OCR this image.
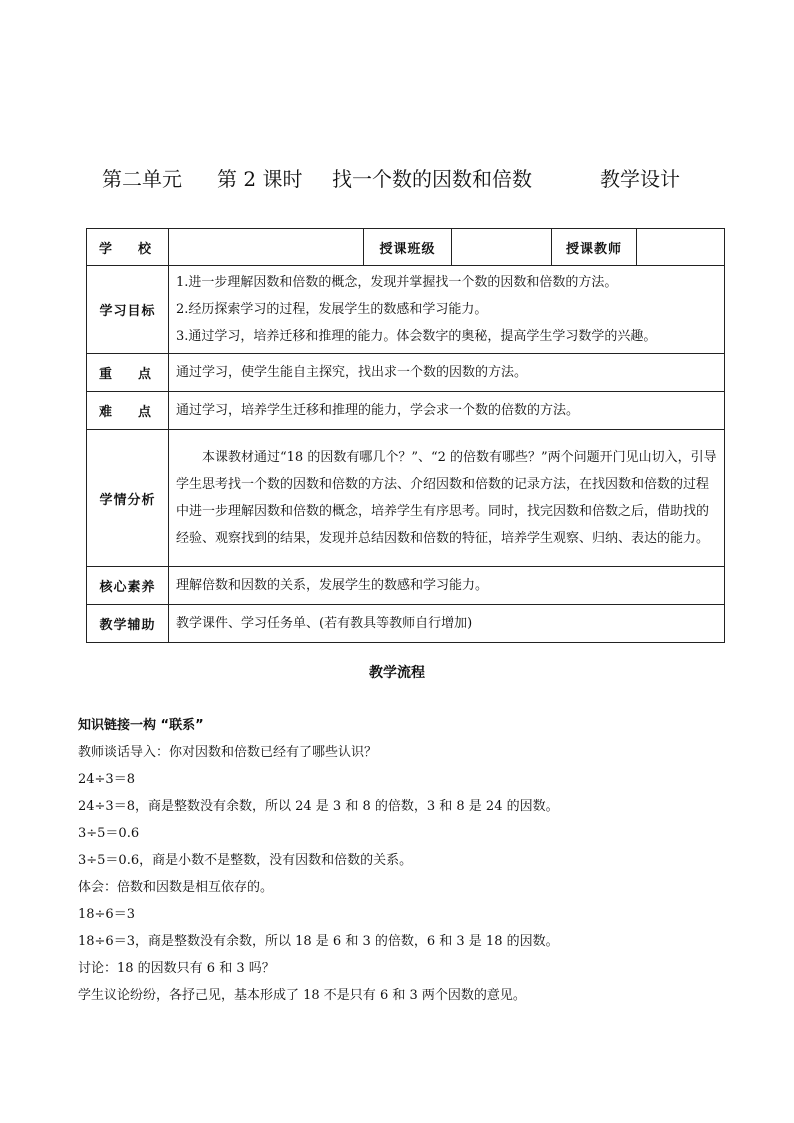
第二单元	第 2 课时	找一个数的因数和倍数	教学设计
学　校		授课班级		授课教师	
学习目标	1.进一步理解因数和倍数的概念，发现并掌握找一个数的因数和倍数的方法。
2.经历探索学习的过程，发展学生的数感和学习能力。
3.通过学习，培养迁移和推理的能力。体会数字的奥秘，提高学生学习数学的兴趣。				

重　点	通过学习，使学生能自主探究，找出求一个数的因数的方法。				
难　点	通过学习，培养学生迁移和推理的能力，学会求一个数的倍数的方法。				
学情分析	本课教材通过“18 的因数有哪几个？”、“2 的倍数有哪些？”两个问题开门见山切入，引导学生思考找一个数的因数和倍数的方法、介绍因数和倍数的记录方法，在找因数和倍数的过程中进一步理解因数和倍数的概念，培养学生有序思考。同时，找完因数和倍数之后，借助找的经验、观察找到的结果，发现并总结因数和倍数的特征，培养学生观察、归纳、表达的能力。				
核心素养	理解倍数和因数的关系，发展学生的数感和学习能力。				
教学辅助	教学课件、学习任务单、(若有教具等教师自行增加)				
教学流程
知识链接一构 “联系”
教师谈话导入：你对因数和倍数已经有了哪些认识？
24÷3＝8
24÷3＝8，商是整数没有余数，所以 24 是 3 和 8 的倍数，3 和 8 是 24 的因数。
3÷5＝0.6
3÷5＝0.6，商是小数不是整数，没有因数和倍数的关系。
体会：倍数和因数是相互依存的。
18÷6＝3
18÷6＝3，商是整数没有余数，所以 18 是 6 和 3 的倍数，6 和 3 是 18 的因数。
讨论：18 的因数只有 6 和 3 吗？
学生议论纷纷，各抒己见，基本形成了 18 不是只有 6 和 3 两个因数的意见。
